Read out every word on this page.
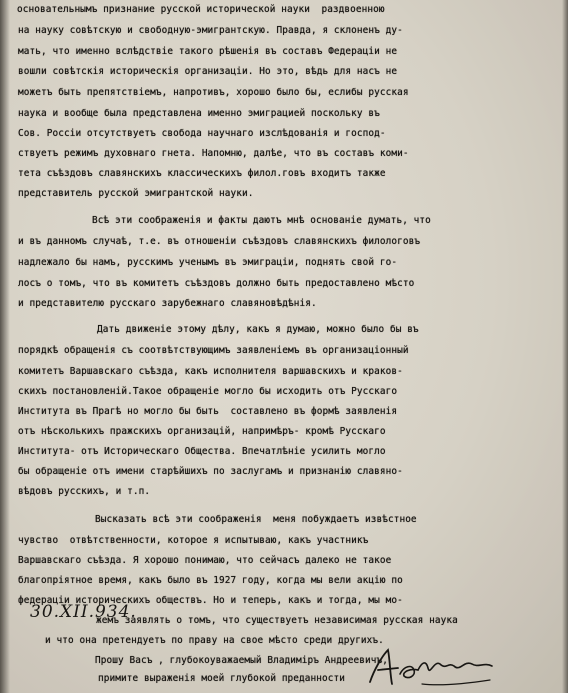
основательнымъ признание русской исторической науки  раздвоенною
на науку совѣтскую и свободную-эмигрантскую. Правда, я склоненъ ду-
мать, что именно вслѣдствіе такого рѣшенія въ составъ Федераціи не
вошли совѣтскія историческія организаціи. Но это, вѣдь для насъ не
можетъ быть препятствіемъ, напротивъ, хорошо было бы, еслибы русская
наука и вообще была представлена именно эмиграцией поскольку въ
Сов. Россіи отсутствуетъ свобода научнаго изслѣдованія и господ-
ствуетъ режимъ духовнаго гнета. Напомню, далѣе, что въ составъ коми-
тета съѣздовъ славянскихъ классическихъ филол.говъ входитъ также
представитель русской эмигрантской науки.
Всѣ эти соображенія и факты даютъ мнѣ основаніе думать, что
и въ данномъ случаѣ, т.е. въ отношеніи съѣздовъ славянскихъ филологовъ
надлежало бы намъ, русскимъ ученымъ въ эмиграціи, поднять свой го-
лосъ о томъ, что въ комитетъ съѣздовъ должно быть предоставлено мѣсто
и представителю русскаго зарубежнаго славяновѣдѣнія.
Дать движеніе этому дѣлу, какъ я думаю, можно было бы въ
порядкѣ обращенія съ соотвѣтствующимъ заявленіемъ въ организаціонный
комитетъ Варшавскаго съѣзда, какъ исполнителя варшавскихъ и краков-
скихъ постановленій.Такое обращеніе могло бы исходить отъ Русскаго
Института въ Прагѣ но могло бы быть  составлено въ формѣ заявленія
отъ нѣсколькихъ пражскихъ организацій, напримѣръ- кромѣ Русскаго
Института- отъ Историческаго Общества. Впечатлѣніе усилить могло
бы обращеніе отъ имени старѣйшихъ по заслугамъ и признанію славяно-
вѣдовъ русскихъ, и т.п.
Высказать всѣ эти соображенія  меня побуждаетъ извѣстное
чувство  отвѣтственности, которое я испытываю, какъ участникъ
Варшавскаго съѣзда. Я хорошо понимаю, что сейчасъ далеко не такое
благопріятное время, какъ было въ 1927 году, когда мы вели акцію по
федераціи историческихъ обществъ. Но и теперь, какъ и тогда, мы мо-
жемъ заявлять о томъ, что существуетъ независимая русская наука
и что она претендуетъ по праву на свое мѣсто среди другихъ.
Прошу Васъ , глубокоуважаемый Владиміръ Андреевичъ,
примите выраженія моей глубокой преданности
30.XII.934.
